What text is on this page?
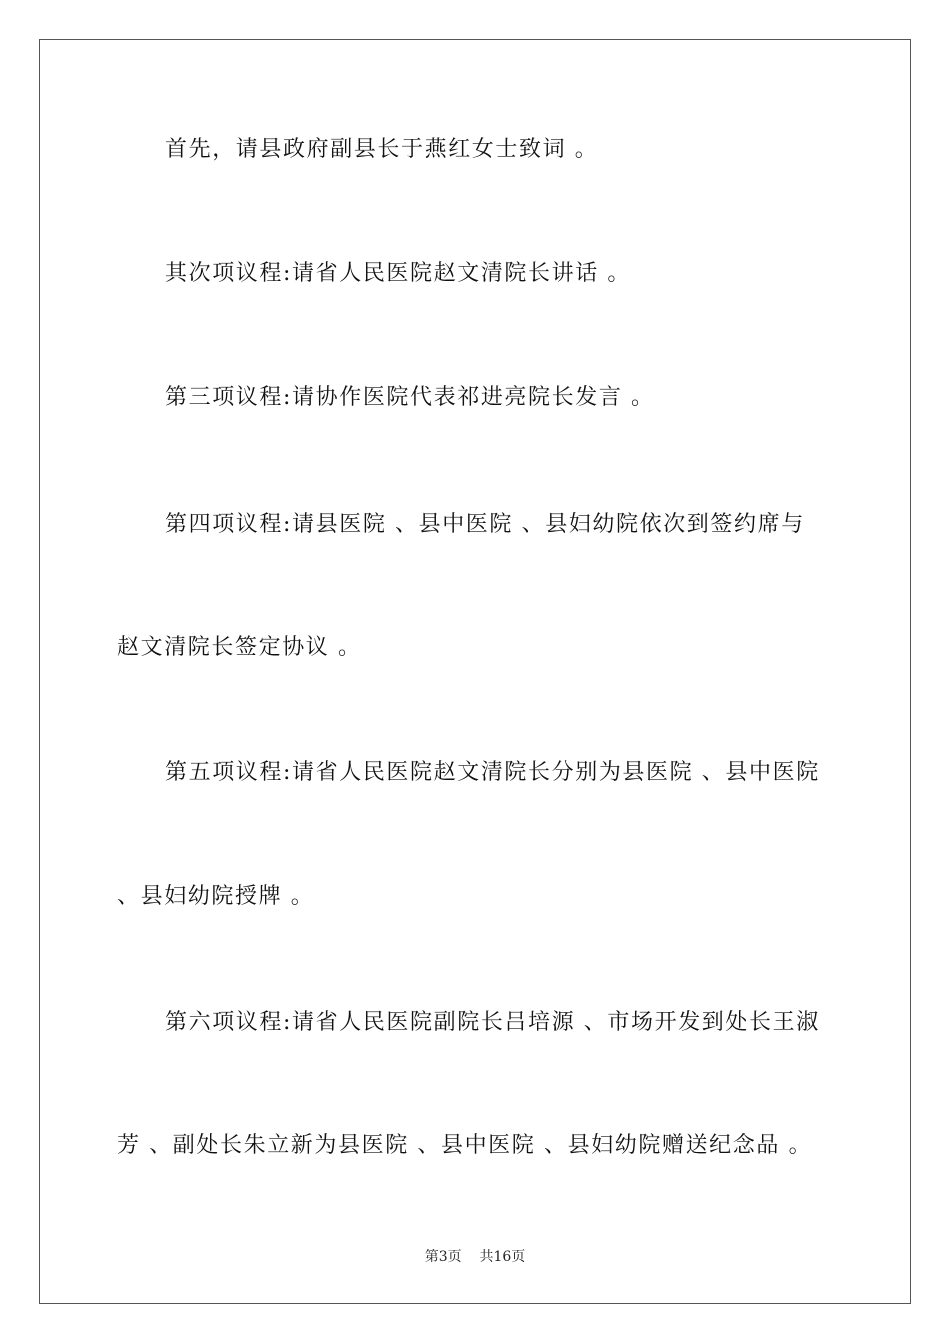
首先，请县政府副县长于燕红女士致词 。
其次项议程:请省人民医院赵文清院长讲话 。
第三项议程:请协作医院代表祁进亮院长发言 。
第四项议程:请县医院 、县中医院 、县妇幼院依次到签约席与
赵文清院长签定协议 。
第五项议程:请省人民医院赵文清院长分别为县医院 、县中医院
、县妇幼院授牌 。
第六项议程:请省人民医院副院长吕培源 、市场开发到处长王淑
芳 、副处长朱立新为县医院 、县中医院 、县妇幼院赠送纪念品 。
第3页 共16页
